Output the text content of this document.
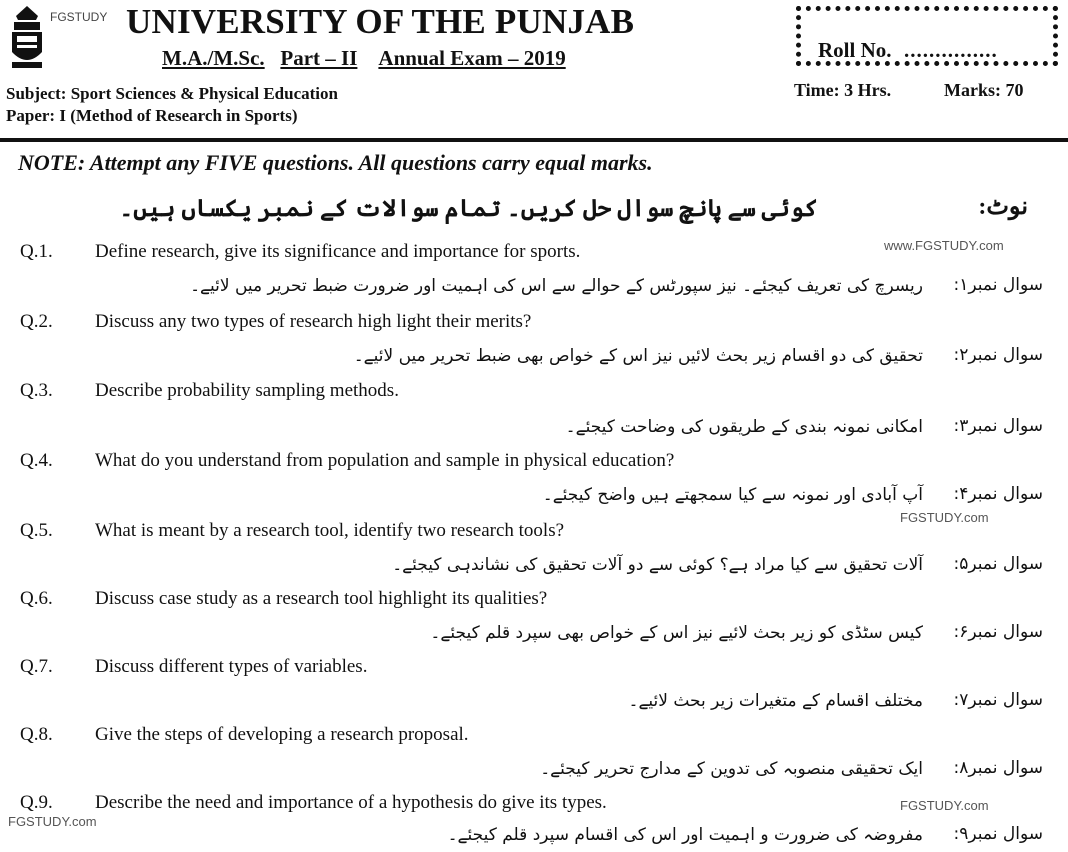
FGSTUDY UNIVERSITY OF THE PUNJAB
M.A./M.Sc. Part – II Annual Exam – 2019	Roll No. ...............
Time: 3 Hrs.	Marks: 70
Subject: Sport Sciences & Physical Education
Paper: I (Method of Research in Sports)
NOTE: Attempt any FIVE questions. All questions carry equal marks.
نوٹ:
کوئی سے پانچ سوال حل کریں۔ تمام سوالات کے نمبر یکساں ہیں۔
Q.1. Define research, give its significance and importance for sports.
سوال نمبر۱:
ریسرچ کی تعریف کیجئے۔ نیز سپورٹس کے حوالے سے اس کی اہمیت اور ضرورت ضبط تحریر میں لائیے۔
Q.2. Discuss any two types of research high light their merits?
سوال نمبر۲:
تحقیق کی دو اقسام زیر بحث لائیں نیز اس کے خواص بھی ضبط تحریر میں لائیے۔
Q.3. Describe probability sampling methods.
سوال نمبر۳:
امکانی نمونہ بندی کے طریقوں کی وضاحت کیجئے۔
Q.4. What do you understand from population and sample in physical education?
سوال نمبر۴:
آپ آبادی اور نمونہ سے کیا سمجھتے ہیں واضح کیجئے۔
Q.5. What is meant by a research tool, identify two research tools?
سوال نمبر۵:
آلات تحقیق سے کیا مراد ہے؟ کوئی سے دو آلات تحقیق کی نشاندہی کیجئے۔
Q.6. Discuss case study as a research tool highlight its qualities?
سوال نمبر۶:
کیس سٹڈی کو زیر بحث لائیے نیز اس کے خواص بھی سپرد قلم کیجئے۔
Q.7. Discuss different types of variables.
سوال نمبر۷:
مختلف اقسام کے متغیرات زیر بحث لائیے۔
Q.8. Give the steps of developing a research proposal.
سوال نمبر۸:
ایک تحقیقی منصوبہ کی تدوین کے مدارج تحریر کیجئے۔
Q.9. Describe the need and importance of a hypothesis do give its types.
سوال نمبر۹:
مفروضہ کی ضرورت و اہمیت اور اس کی اقسام سپرد قلم کیجئے۔
www.FGSTUDY.com
FGSTUDY.com
FGSTUDY.com
FGSTUDY.com
